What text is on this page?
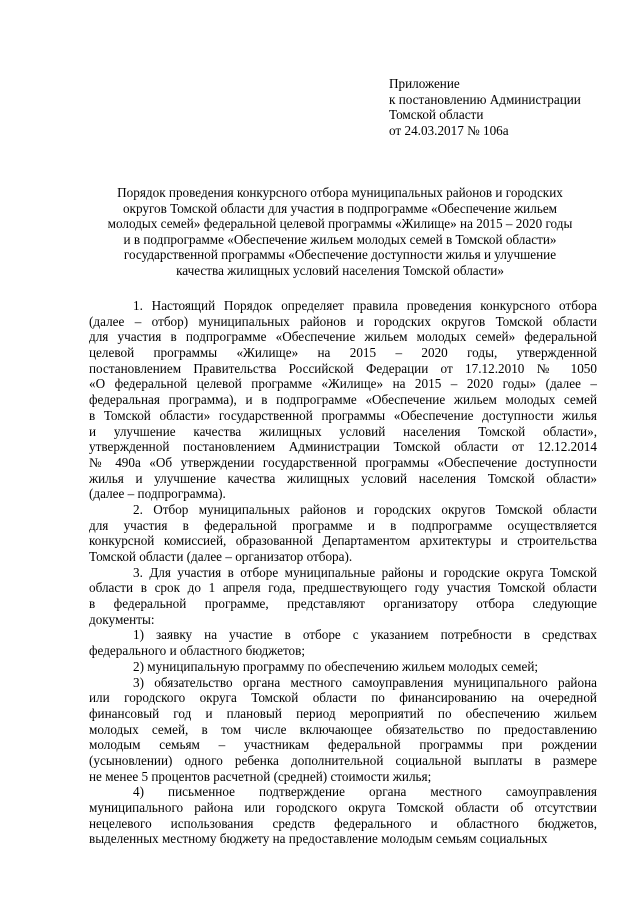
Приложение
к постановлению Администрации
Томской области
от 24.03.2017 № 106а
Порядок проведения конкурсного отбора муниципальных районов и городских
округов Томской области для участия в подпрограмме «Обеспечение жильем
молодых семей» федеральной целевой программы «Жилище» на 2015 – 2020 годы
и в подпрограмме «Обеспечение жильем молодых семей в Томской области»
государственной программы «Обеспечение доступности жилья и улучшение
качества жилищных условий населения Томской области»
1. Настоящий Порядок определяет правила проведения конкурсного отбора
(далее – отбор) муниципальных районов и городских округов Томской области
для участия в подпрограмме «Обеспечение жильем молодых семей» федеральной
целевой программы «Жилище» на 2015 – 2020 годы, утвержденной
постановлением Правительства Российской Федерации от 17.12.2010 № 1050
«О федеральной целевой программе «Жилище» на 2015 – 2020 годы» (далее –
федеральная программа), и в подпрограмме «Обеспечение жильем молодых семей
в Томской области» государственной программы «Обеспечение доступности жилья
и улучшение качества жилищных условий населения Томской области»,
утвержденной постановлением Администрации Томской области от 12.12.2014
№ 490а «Об утверждении государственной программы «Обеспечение доступности
жилья и улучшение качества жилищных условий населения Томской области»
(далее – подпрограмма).
2. Отбор муниципальных районов и городских округов Томской области
для участия в федеральной программе и в подпрограмме осуществляется
конкурсной комиссией, образованной Департаментом архитектуры и строительства
Томской области (далее – организатор отбора).
3. Для участия в отборе муниципальные районы и городские округа Томской
области в срок до 1 апреля года, предшествующего году участия Томской области
в федеральной программе, представляют организатору отбора следующие
документы:
1) заявку на участие в отборе с указанием потребности в средствах
федерального и областного бюджетов;
2) муниципальную программу по обеспечению жильем молодых семей;
3) обязательство органа местного самоуправления муниципального района
или городского округа Томской области по финансированию на очередной
финансовый год и плановый период мероприятий по обеспечению жильем
молодых семей, в том числе включающее обязательство по предоставлению
молодым семьям – участникам федеральной программы при рождении
(усыновлении) одного ребенка дополнительной социальной выплаты в размере
не менее 5 процентов расчетной (средней) стоимости жилья;
4) письменное подтверждение органа местного самоуправления
муниципального района или городского округа Томской области об отсутствии
нецелевого использования средств федерального и областного бюджетов,
выделенных местному бюджету на предоставление молодым семьям социальных
